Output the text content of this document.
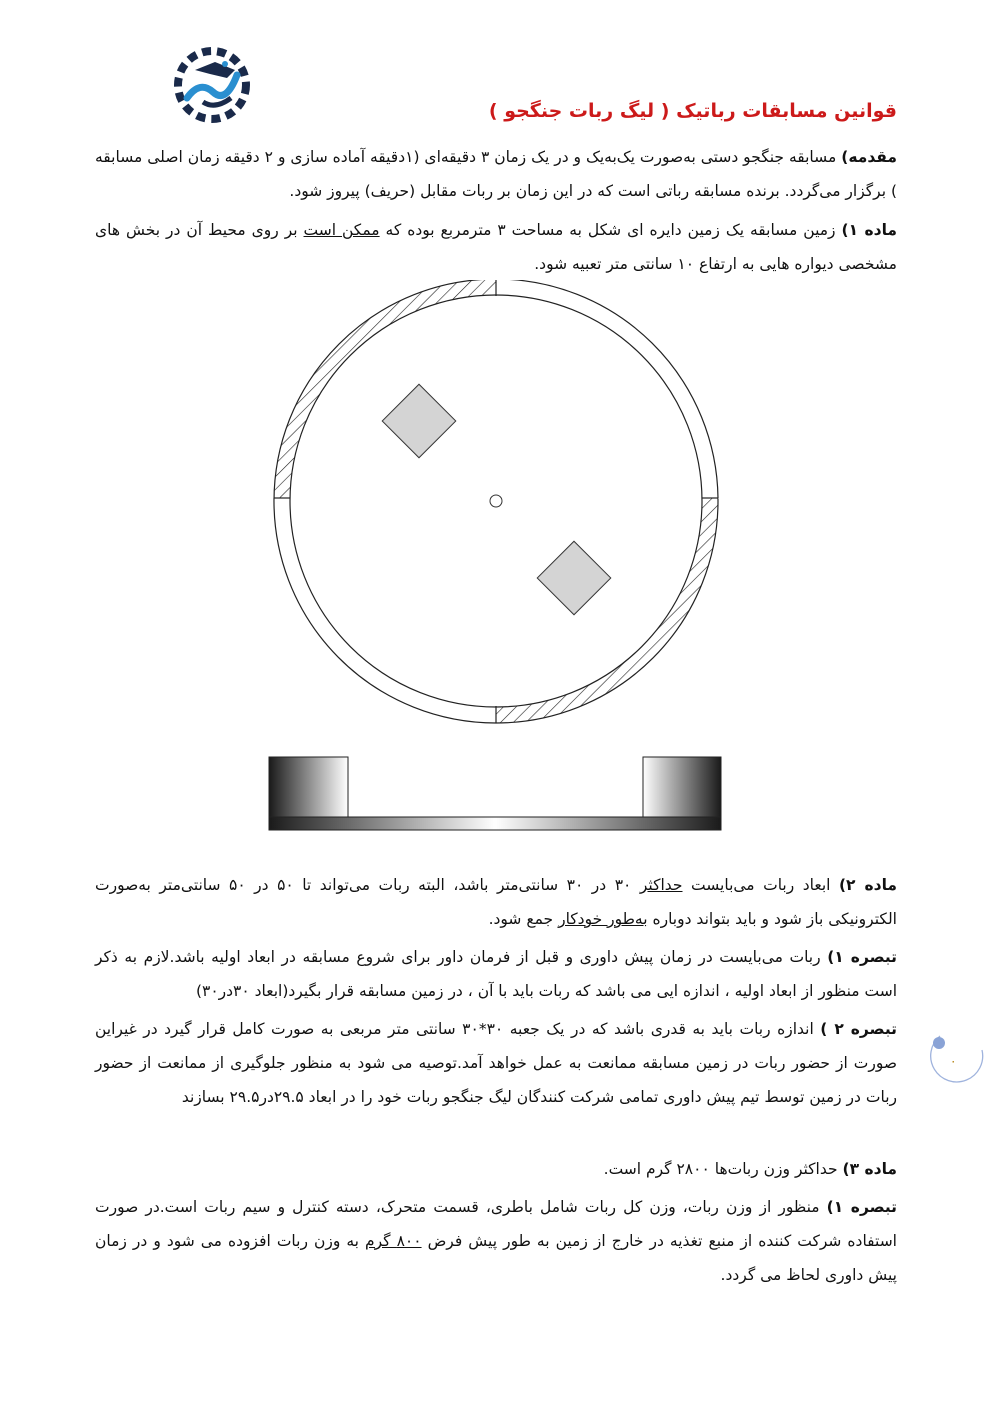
قوانین مسابقات رباتیک ( لیگ ربات جنگجو )
مقدمه) مسابقه جنگجو دستی به‌صورت یک‌به‌یک و در یک زمان ۳ دقیقه‌ای (۱دقیقه آماده سازی و ۲ دقیقه زمان اصلی مسابقه ) برگزار می‌گردد. برنده مسابقه رباتی است که در این زمان بر ربات مقابل (حریف) پیروز شود.
ماده ۱) زمین مسابقه یک زمین دایره ای شکل به مساحت ۳ مترمربع بوده که ممکن است بر روی محیط آن در بخش های مشخصی دیواره هایی به ارتفاع ۱۰ سانتی متر تعبیه شود.
ماده ۲) ابعاد ربات می‌بایست حداکثر ۳۰ در ۳۰ سانتی‌متر باشد، البته ربات می‌تواند تا ۵۰ در ۵۰ سانتی‌متر به‌صورت الکترونیکی باز شود و باید بتواند دوباره به‌طور خودکار جمع شود.
تبصره ۱) ربات می‌بایست در زمان پیش داوری و قبل از فرمان داور برای شروع مسابقه در ابعاد اولیه باشد.لازم به ذکر است منظور از ابعاد اولیه ، اندازه ایی می باشد که ربات باید با آن ، در زمین مسابقه قرار بگیرد(ابعاد ۳۰در۳۰)
تبصره ۲ ) اندازه ربات باید به قدری باشد که در یک جعبه ۳۰*۳۰ سانتی متر مربعی به صورت کامل قرار گیرد در غیراین صورت از حضور ربات در زمین مسابقه ممانعت به عمل خواهد آمد.توصیه می شود به منظور جلوگیری از ممانعت از حضور ربات در زمین توسط تیم پیش داوری تمامی شرکت کنندگان لیگ جنگجو ربات خود را در ابعاد ۲۹.۵در۲۹.۵ بسازند
ماده ۳) حداکثر وزن ربات‌ها ۲۸۰۰ گرم است.
تبصره ۱) منظور از وزن ربات، وزن کل ربات شامل باطری، قسمت متحرک، دسته کنترل و سیم ربات است.در صورت استفاده شرکت کننده از منبع تغذیه در خارج از زمین به طور پیش فرض ۸۰۰ گرم به وزن ربات افزوده می شود و در زمان پیش داوری لحاظ می گردد.
۰
